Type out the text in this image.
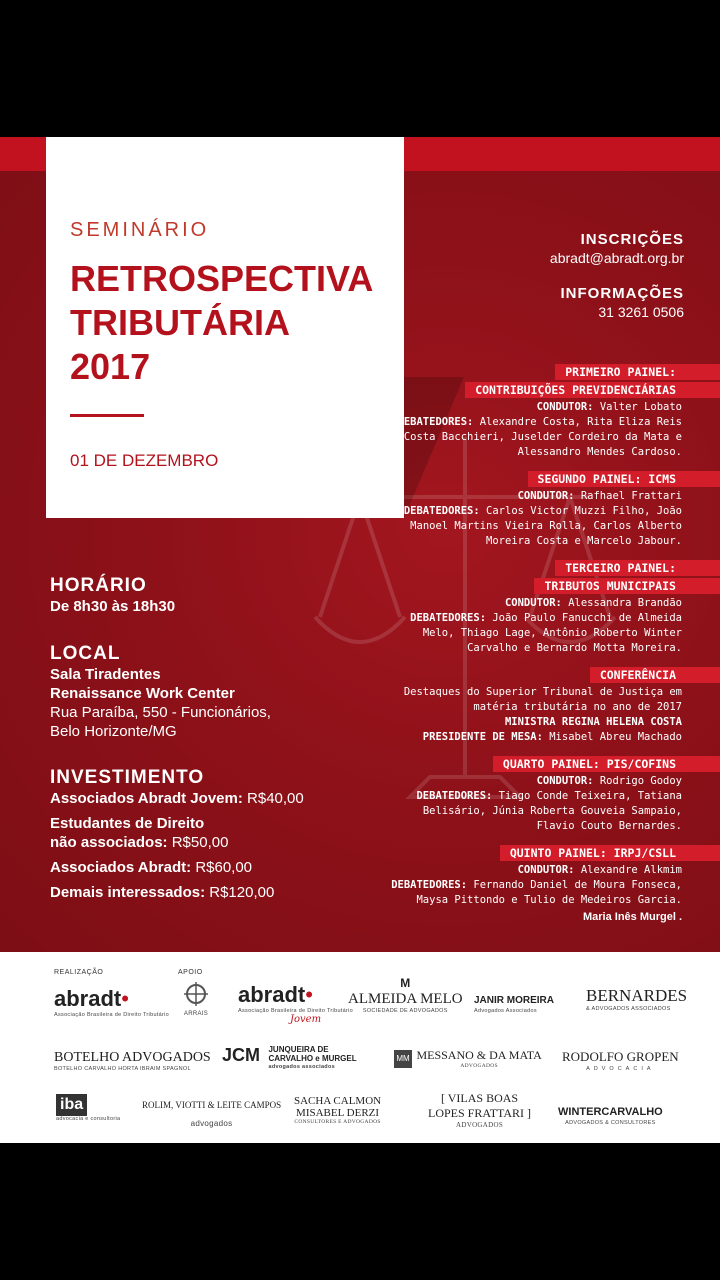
SEMINÁRIO
RETROSPECTIVA
TRIBUTÁRIA
2017
01 DE DEZEMBRO
INSCRIÇÕES
abradt@abradt.org.br
INFORMAÇÕES
31 3261 0506
HORÁRIO
De 8h30 às 18h30
LOCAL
Sala Tiradentes
Renaissance Work Center
Rua Paraíba, 550 - Funcionários,
Belo Horizonte/MG
INVESTIMENTO
Associados Abradt Jovem: R$40,00
Estudantes de Direito
não associados: R$50,00
Associados Abradt: R$60,00
Demais interessados: R$120,00
PRIMEIRO PAINEL:
CONTRIBUIÇÕES PREVIDENCIÁRIAS
CONDUTOR: Valter Lobato
DEBATEDORES: Alexandre Costa, Rita Eliza Reis
da Costa Bacchieri, Juselder Cordeiro da Mata e
Alessandro Mendes Cardoso.
SEGUNDO PAINEL: ICMS
CONDUTOR: Rafhael Frattari
DEBATEDORES: Carlos Victor Muzzi Filho, João
Manoel Martins Vieira Rolla, Carlos Alberto
Moreira Costa e Marcelo Jabour.
TERCEIRO PAINEL:
TRIBUTOS MUNICIPAIS
CONDUTOR: Alessandra Brandão
DEBATEDORES: João Paulo Fanucchi de Almeida
Melo, Thiago Lage, Antônio Roberto Winter
Carvalho e Bernardo Motta Moreira.
CONFERÊNCIA
Destaques do Superior Tribunal de Justiça em
matéria tributária no ano de 2017
MINISTRA REGINA HELENA COSTA
PRESIDENTE DE MESA: Misabel Abreu Machado
QUARTO PAINEL: PIS/COFINS
CONDUTOR: Rodrigo Godoy
DEBATEDORES: Tiago Conde Teixeira, Tatiana
Belisário, Júnia Roberta Gouveia Sampaio,
Flavio Couto Bernardes.
QUINTO PAINEL: IRPJ/CSLL
CONDUTOR: Alexandre Alkmim
DEBATEDORES: Fernando Daniel de Moura Fonseca,
Maysa Pittondo e Tulio de Medeiros Garcia.
Maria Inês Murgel .
REALIZAÇÃO	APOIO
abradt•
Associação Brasileira de Direito Tributário	ARRAIS
abradt•
Associação Brasileira de Direito Tributário
Jovem
M
ALMEIDA MELO
SOCIEDADE DE ADVOGADOS
JANIR MOREIRA
Advogados Associados
BERNARDES
& ADVOGADOS ASSOCIADOS
BOTELHO ADVOGADOS
BOTELHO CARVALHO HORTA IBRAIM SPAGNOL
JCM JUNQUEIRA DE
CARVALHO e MURGEL
advogados associados
MM MESSANO & DA MATA
ADVOGADOS
RODOLFO GROPEN
ADVOCACIA
iba
advocacia e consultoria
ROLIM, VIOTTI & LEITE CAMPOS
advogados
SACHA CALMON
MISABEL DERZI
CONSULTORES E ADVOGADOS
[ VILAS BOAS
LOPES FRATTARI ]
ADVOGADOS
WINTERCARVALHO
ADVOGADOS & CONSULTORES
